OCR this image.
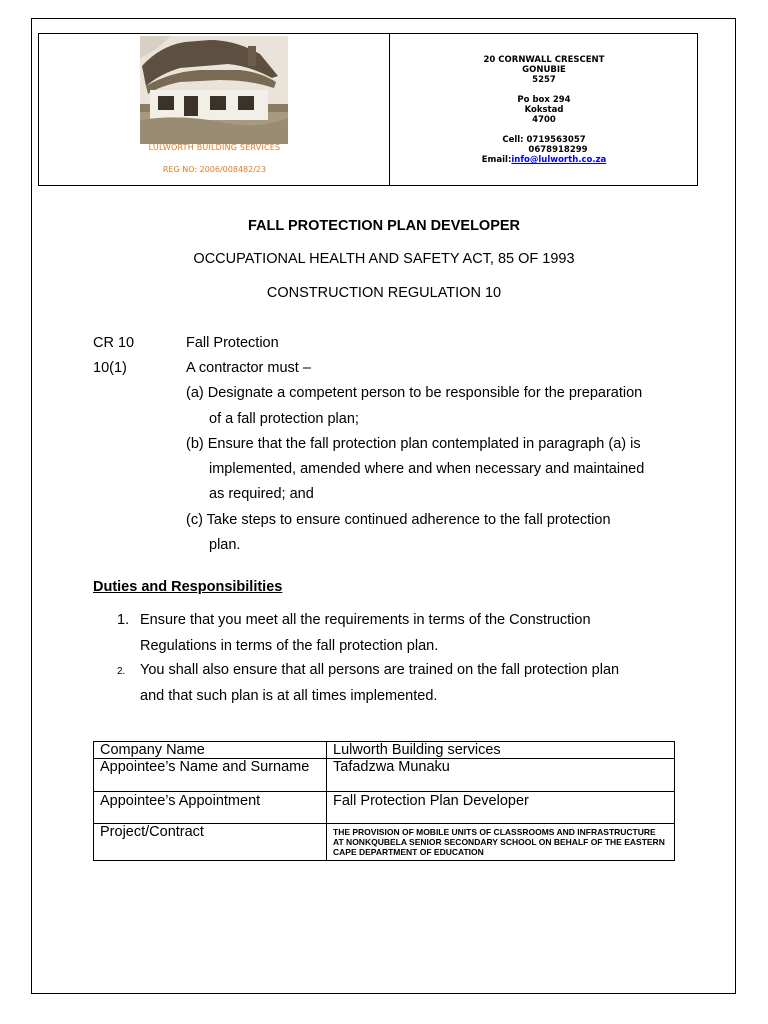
LULWORTH BUILDING SERVICES
REG NO: 2006/008482/23
20 CORNWALL CRESCENT
GONUBIE
5257
Po box 294
Kokstad
4700
Cell: 0719563057
0678918299
Email:info@lulworth.co.za
FALL PROTECTION PLAN DEVELOPER
OCCUPATIONAL HEALTH AND SAFETY ACT, 85 OF 1993
CONSTRUCTION REGULATION 10
CR 10	Fall Protection
10(1)	A contractor must –
(a) Designate a competent person to be responsible for the preparation
of a fall protection plan;
(b) Ensure that the fall protection plan contemplated in paragraph (a) is
implemented, amended where and when necessary and maintained
as required; and
(c) Take steps to ensure continued adherence to the fall protection
plan.
Duties and Responsibilities
1. Ensure that you meet all the requirements in terms of the Construction
Regulations in terms of the fall protection plan.
2. You shall also ensure that all persons are trained on the fall protection plan
and that such plan is at all times implemented.
Company Name	Lulworth Building services
Appointee’s Name and Surname	Tafadzwa Munaku
Appointee’s Appointment	Fall Protection Plan Developer
Project/Contract	THE PROVISION OF MOBILE UNITS OF CLASSROOMS AND INFRASTRUCTURE AT NONKQUBELA SENIOR SECONDARY SCHOOL ON BEHALF OF THE EASTERN CAPE DEPARTMENT OF EDUCATION
